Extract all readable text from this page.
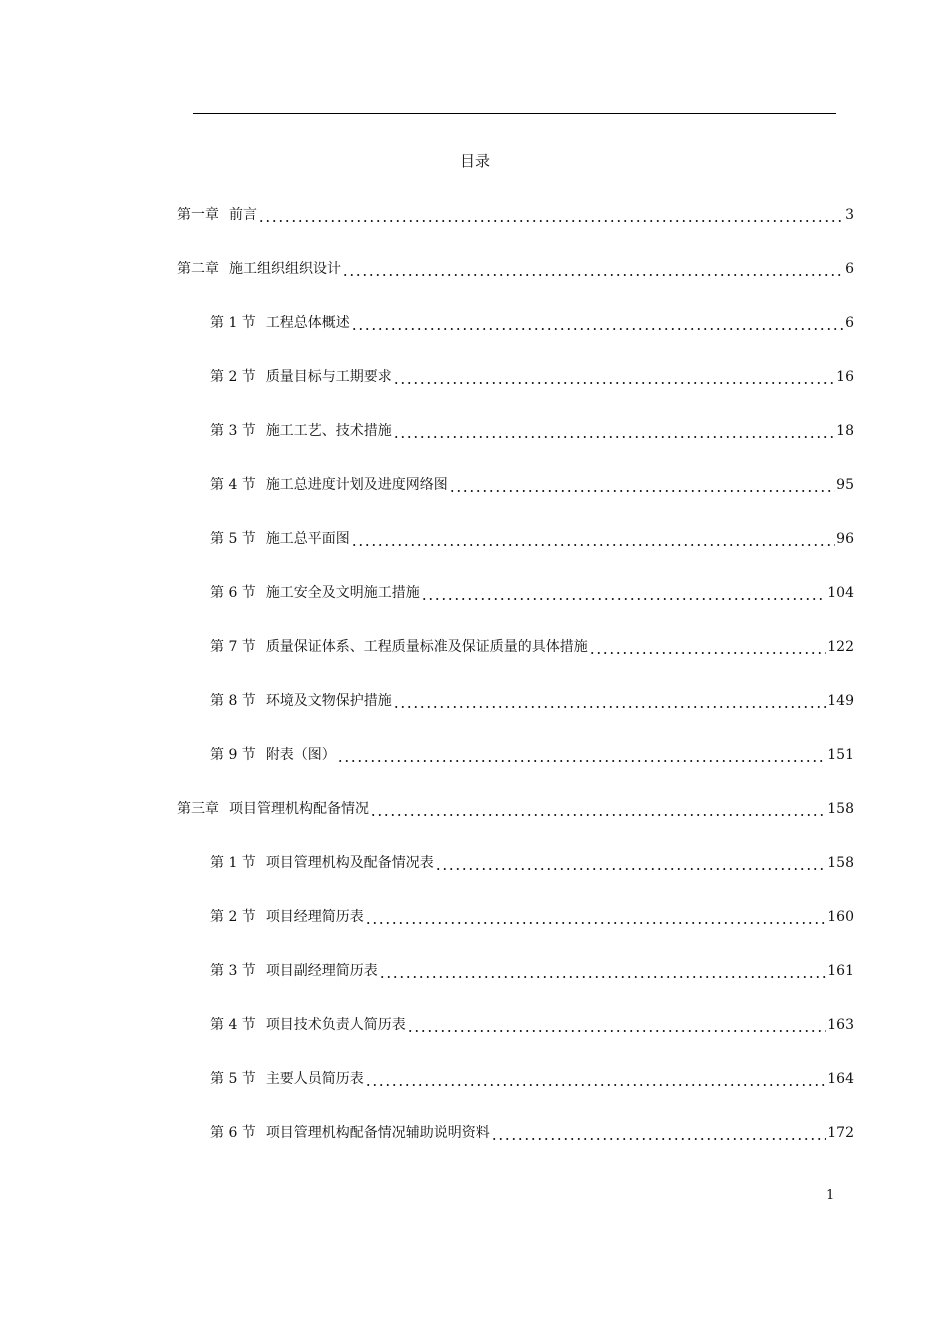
目录
第一章 前言	3
第二章 施工组织组织设计	6
第 1 节 工程总体概述	6
第 2 节 质量目标与工期要求	16
第 3 节 施工工艺、技术措施	18
第 4 节 施工总进度计划及进度网络图	95
第 5 节 施工总平面图	96
第 6 节 施工安全及文明施工措施	104
第 7 节 质量保证体系、工程质量标准及保证质量的具体措施	122
第 8 节 环境及文物保护措施	149
第 9 节 附表（图）	151
第三章 项目管理机构配备情况	158
第 1 节 项目管理机构及配备情况表	158
第 2 节 项目经理简历表	160
第 3 节 项目副经理简历表	161
第 4 节 项目技术负责人简历表	163
第 5 节 主要人员简历表	164
第 6 节 项目管理机构配备情况辅助说明资料	172
1
